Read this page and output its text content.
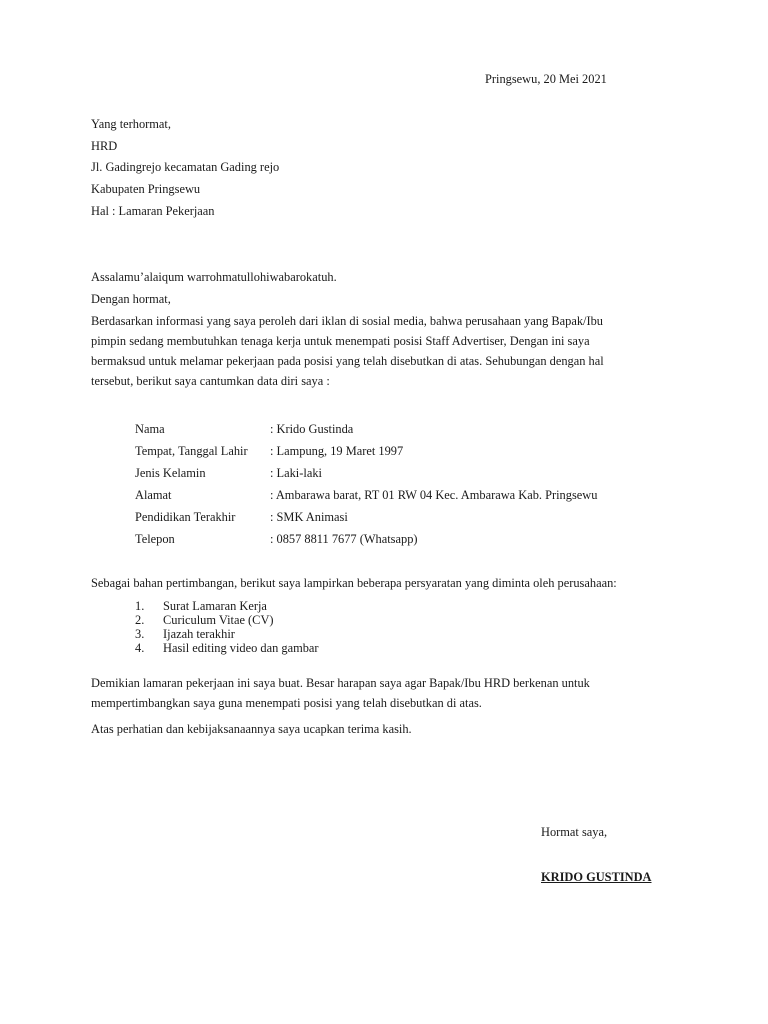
Pringsewu, 20 Mei 2021

Yang terhormat,

HRD

Jl. Gadingrejo kecamatan Gading rejo

Kabupaten Pringsewu

Hal : Lamaran Pekerjaan

Assalamu’alaiqum warrohmatullohiwabarokatuh.

Dengan hormat,

Berdasarkan informasi yang saya peroleh dari iklan di sosial media, bahwa perusahaan yang Bapak/Ibu
pimpin sedang membutuhkan tenaga kerja untuk menempati posisi Staff Advertiser, Dengan ini saya
bermaksud untuk melamar pekerjaan pada posisi yang telah disebutkan di atas. Sehubungan dengan hal
tersebut, berikut saya cantumkan data diri saya :
Nama	: Krido Gustinda
Tempat, Tanggal Lahir : Lampung, 19 Maret 1997
Jenis Kelamin	: Laki-laki
Alamat	: Ambarawa barat, RT 01 RW 04 Kec. Ambarawa Kab. Pringsewu
Pendidikan Terakhir	: SMK Animasi
Telepon	: 0857 8811 7677 (Whatsapp)

Sebagai bahan pertimbangan, berikut saya lampirkan beberapa persyaratan yang diminta oleh perusahaan:

1. Surat Lamaran Kerja
2. Curiculum Vitae (CV)
3. Ijazah terakhir
4. Hasil editing video dan gambar
Demikian lamaran pekerjaan ini saya buat. Besar harapan saya agar Bapak/Ibu HRD berkenan untuk
mempertimbangkan saya guna menempati posisi yang telah disebutkan di atas.

Atas perhatian dan kebijaksanaannya saya ucapkan terima kasih.

Hormat saya,

KRIDO GUSTINDA
